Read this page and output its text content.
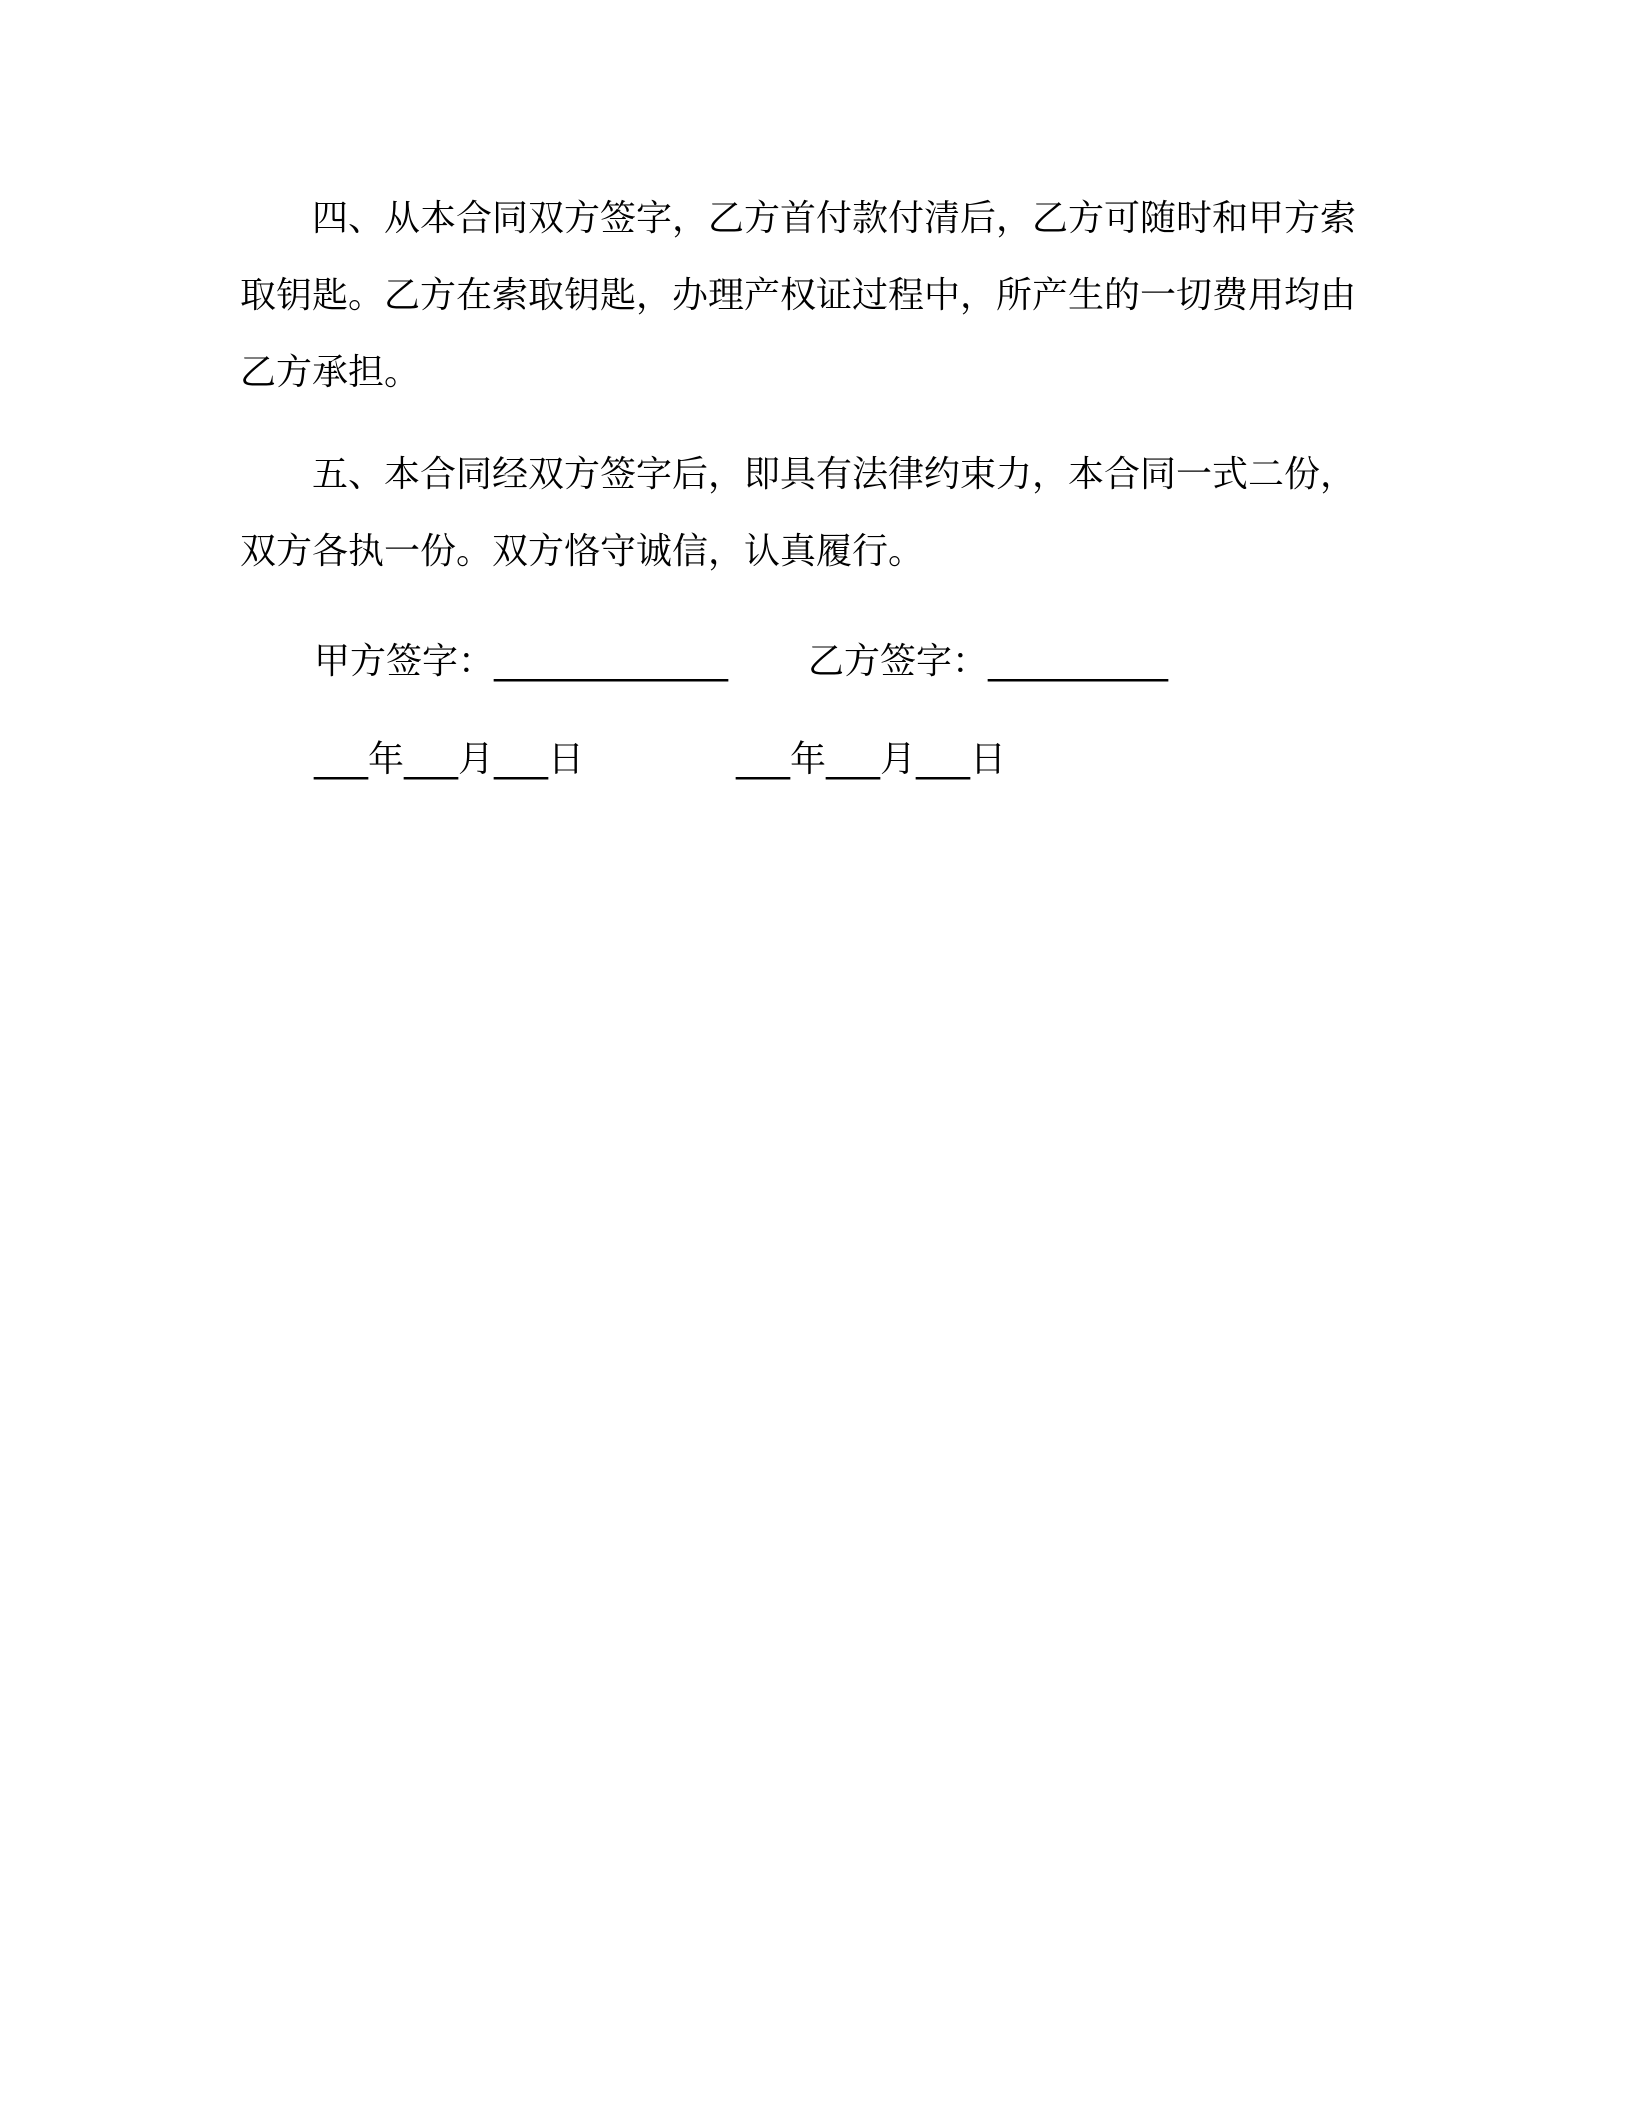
四、从本合同双方签字，乙方首付款付清后，乙方可随时和甲方索取钥匙。乙方在索取钥匙，办理产权证过程中，所产生的一切费用均由乙方承担。

五、本合同经双方签字后，即具有法律约束力，本合同一式二份，双方各执一份。双方恪守诚信，认真履行。

甲方签字：_____________ 乙方签字：__________
___年___月___日	___年___月___日
